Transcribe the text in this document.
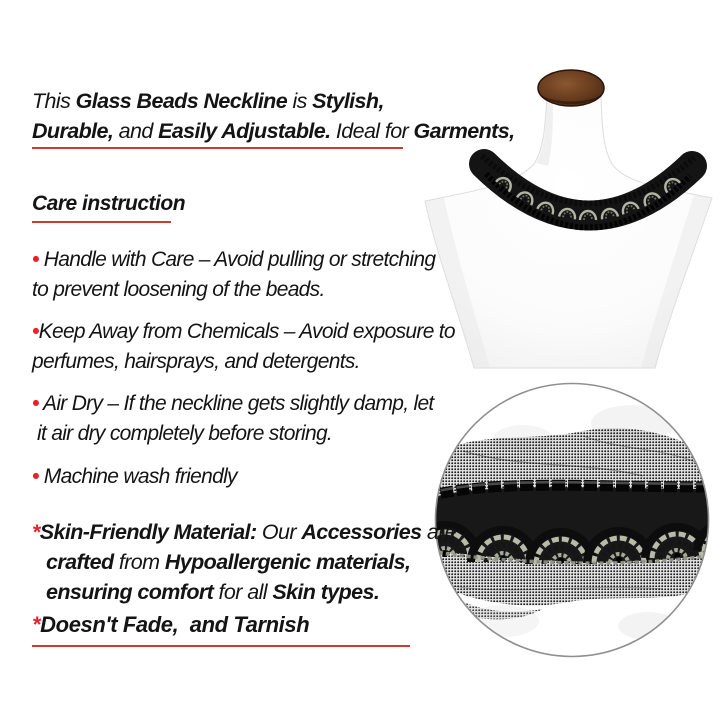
This Glass Beads Neckline is Stylish,
Durable, and Easily Adjustable. Ideal for Garments,
Care instruction
• Handle with Care – Avoid pulling or stretching
to prevent loosening of the beads.
•Keep Away from Chemicals – Avoid exposure to
perfumes, hairsprays, and detergents.
• Air Dry – If the neckline gets slightly damp, let
it air dry completely before storing.
• Machine wash friendly
*Skin-Friendly Material: Our Accessories are
crafted from Hypoallergenic materials,
ensuring comfort for all Skin types.
*Doesn't Fade,  and Tarnish
